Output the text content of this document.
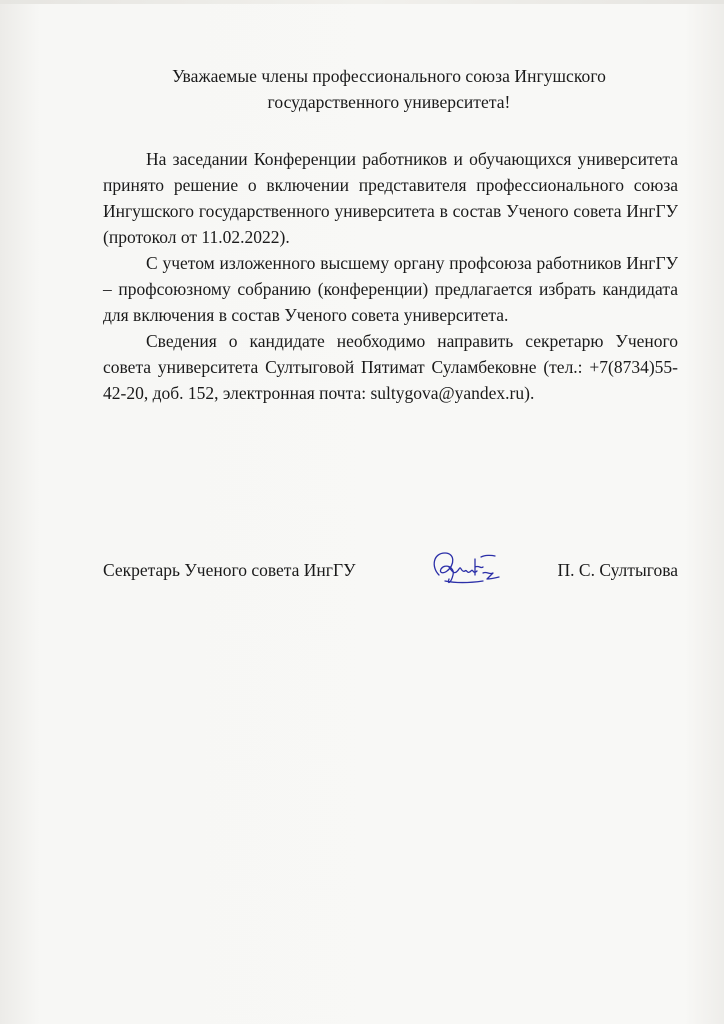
Уважаемые члены профессионального союза Ингушского
государственного университета!

На заседании Конференции работников и обучающихся университета принято решение о включении представителя профессионального союза Ингушского государственного университета в состав Ученого совета ИнгГУ (протокол от 11.02.2022).

С учетом изложенного высшему органу профсоюза работников ИнгГУ – профсоюзному собранию (конференции) предлагается избрать кандидата для включения в состав Ученого совета университета.

Сведения о кандидате необходимо направить секретарю Ученого совета университета Султыговой Пятимат Суламбековне (тел.: +7(8734)55-42-20, доб. 152, электронная почта: sultygova@yandex.ru).

Секретарь Ученого совета ИнгГУ	П. С. Султыгова
